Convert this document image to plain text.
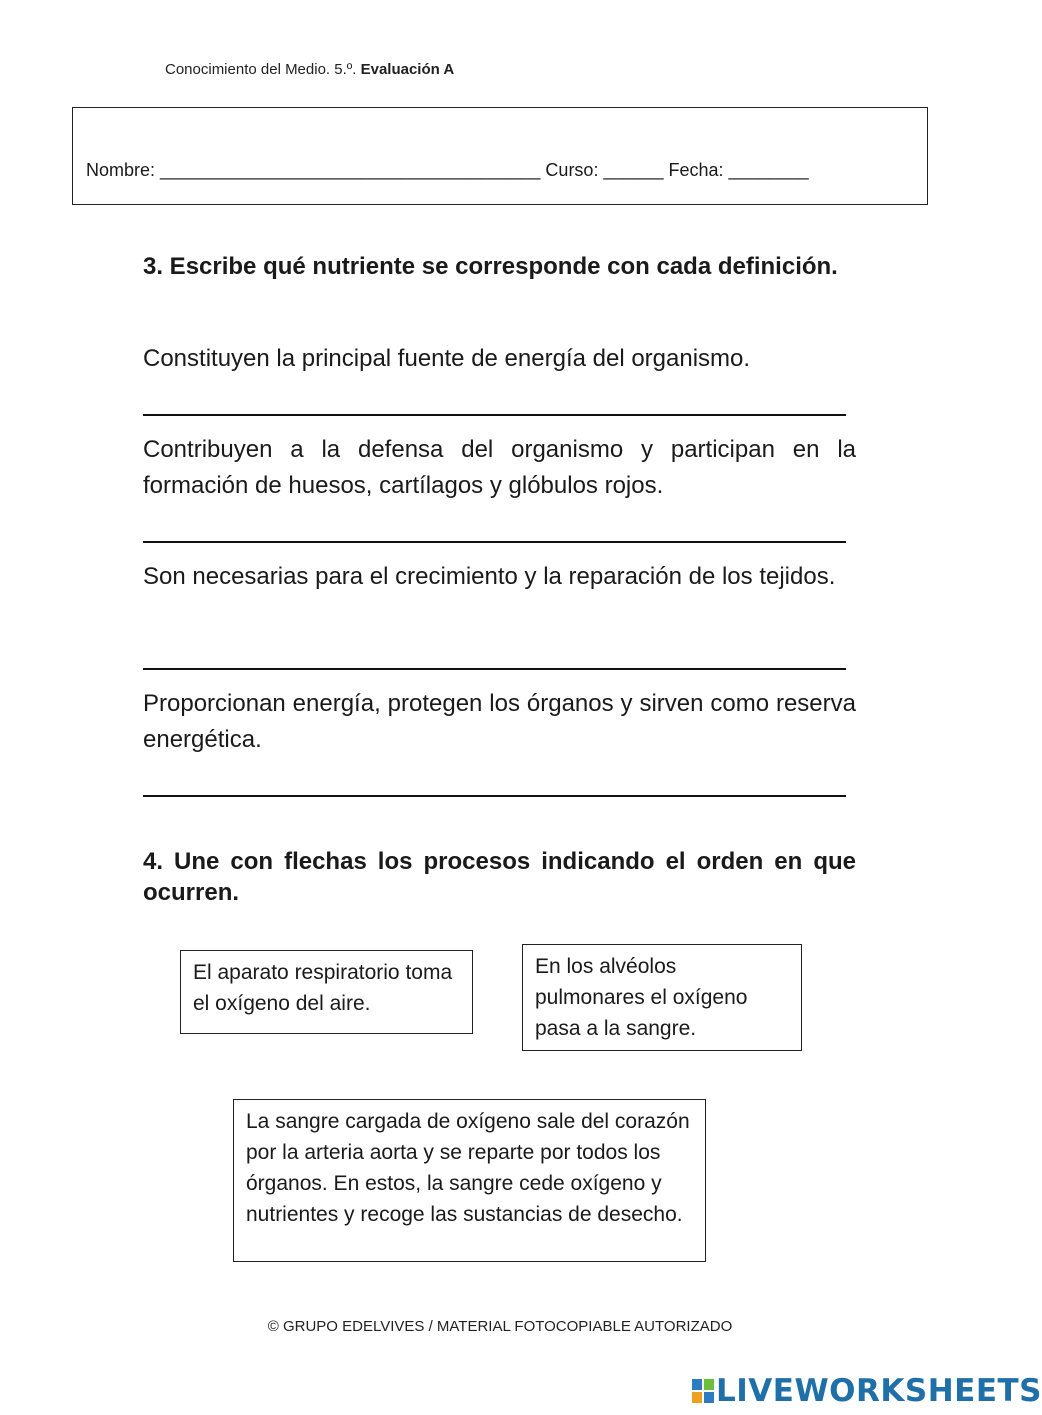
Conocimiento del Medio. 5.º. Evaluación A
Nombre: ______________________________________ Curso: ______ Fecha: ________
3. Escribe qué nutriente se corresponde con cada definición.
Constituyen la principal fuente de energía del organismo.
Contribuyen a la defensa del organismo y participan en la formación de huesos, cartílagos y glóbulos rojos.
Son necesarias para el crecimiento y la reparación de los tejidos.
Proporcionan energía, protegen los órganos y sirven como reserva energética.
4. Une con flechas los procesos indicando el orden en que ocurren.
El aparato respiratorio toma el oxígeno del aire.
En los alvéolos pulmonares el oxígeno pasa a la sangre.
La sangre cargada de oxígeno sale del corazón por la arteria aorta y se reparte por todos los órganos. En estos, la sangre cede oxígeno y nutrientes y recoge las sustancias de desecho.
© GRUPO EDELVIVES / MATERIAL FOTOCOPIABLE AUTORIZADO
LIVEWORKSHEETS
